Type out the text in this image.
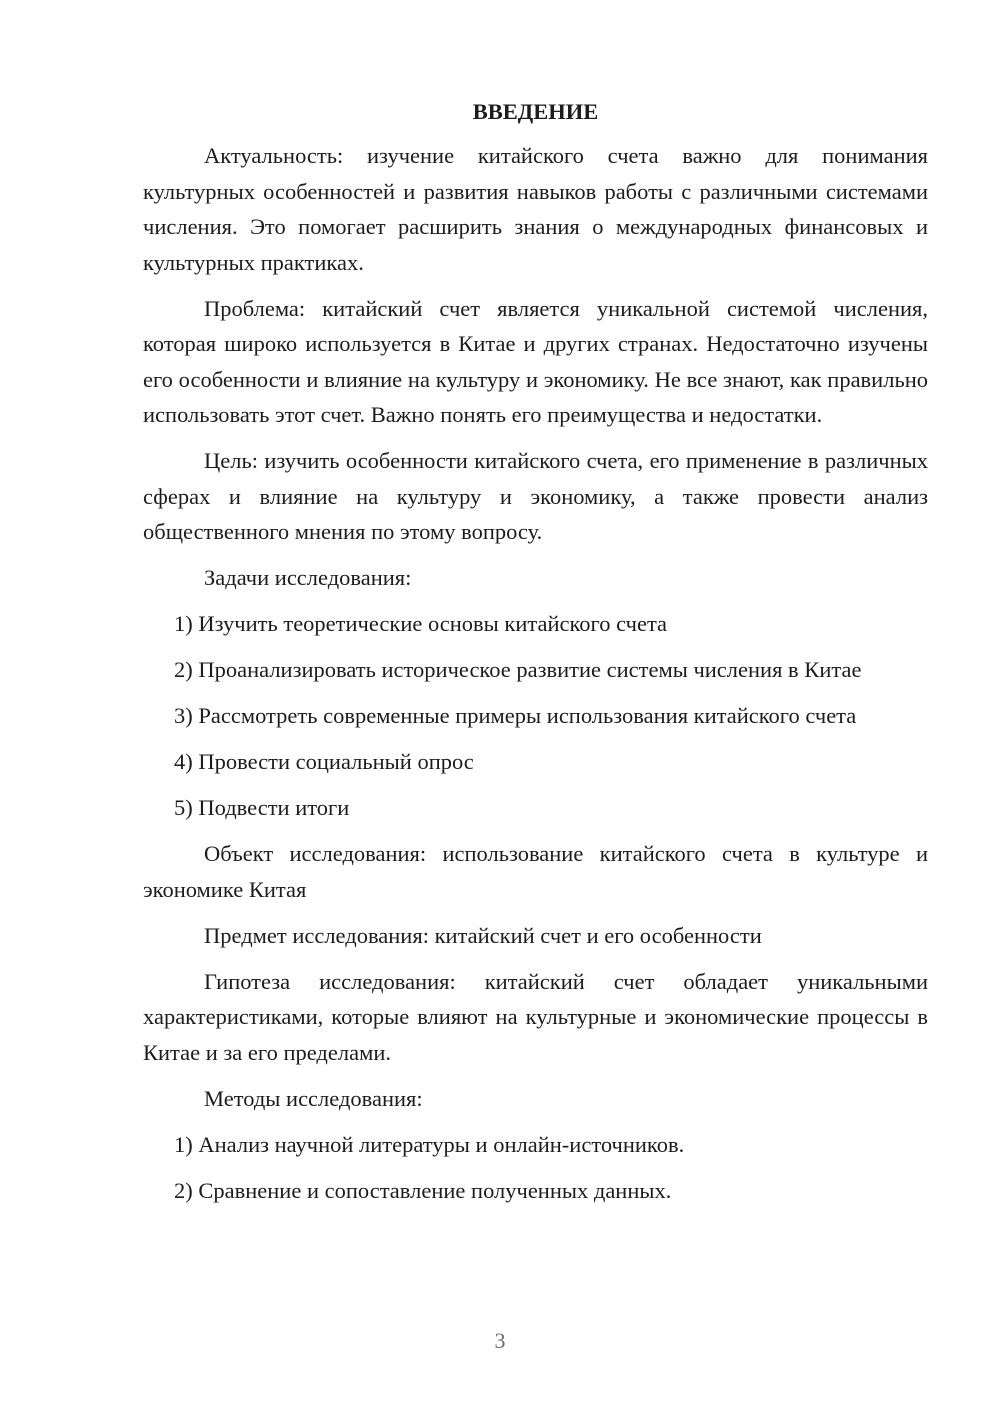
ВВЕДЕНИЕ

Актуальность: изучение китайского счета важно для понимания культурных особенностей и развития навыков работы с различными системами числения. Это помогает расширить знания о международных финансовых и культурных практиках.

Проблема: китайский счет является уникальной системой числения, которая широко используется в Китае и других странах. Недостаточно изучены его особенности и влияние на культуру и экономику. Не все знают, как правильно использовать этот счет. Важно понять его преимущества и недостатки.

Цель: изучить особенности китайского счета, его применение в различных сферах и влияние на культуру и экономику, а также провести анализ общественного мнения по этому вопросу.

Задачи исследования:

1) Изучить теоретические основы китайского счета

2) Проанализировать историческое развитие системы числения в Китае

3) Рассмотреть современные примеры использования китайского счета

4) Провести социальный опрос

5) Подвести итоги

Объект исследования: использование китайского счета в культуре и экономике Китая

Предмет исследования: китайский счет и его особенности

Гипотеза исследования: китайский счет обладает уникальными характеристиками, которые влияют на культурные и экономические процессы в Китае и за его пределами.

Методы исследования:

1) Анализ научной литературы и онлайн-источников.

2) Сравнение и сопоставление полученных данных.

3
